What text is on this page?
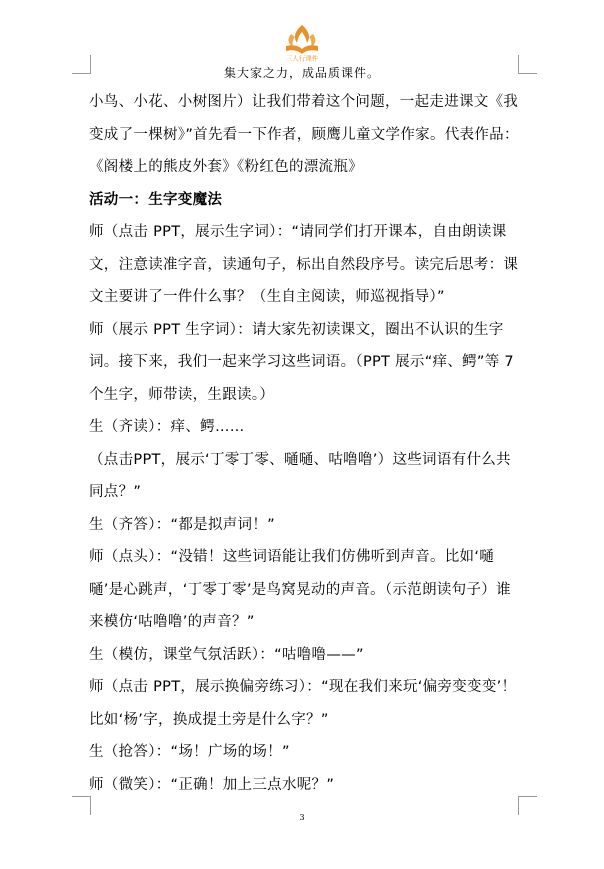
三人行课件
集大家之力，成品质课件。

小鸟、小花、小树图片）让我们带着这个问题，一起走进课文《我变成了一棵树》”首先看一下作者，顾鹰儿童文学作家。代表作品：《阁楼上的熊皮外套》《粉红色的漂流瓶》

活动一：生字变魔法

师（点击 PPT，展示生字词）：“请同学们打开课本，自由朗读课文，注意读准字音，读通句子，标出自然段序号。读完后思考：课文主要讲了一件什么事？（生自主阅读，师巡视指导）”

师（展示 PPT 生字词）：请大家先初读课文，圈出不认识的生字词。接下来，我们一起来学习这些词语。（PPT 展示“痒、鳄”等 7 个生字，师带读，生跟读。）

生（齐读）：痒、鳄……

（点击PPT，展示‘丁零丁零、嗵嗵、咕噜噜’）这些词语有什么共同点？”

生（齐答）：“都是拟声词！”

师（点头）：“没错！这些词语能让我们仿佛听到声音。比如‘嗵嗵’是心跳声，‘丁零丁零’是鸟窝晃动的声音。（示范朗读句子）谁来模仿‘咕噜噜’的声音？”

生（模仿，课堂气氛活跃）：“咕噜噜——”

师（点击 PPT，展示换偏旁练习）：“现在我们来玩‘偏旁变变变’！比如‘杨’字，换成提土旁是什么字？”

生（抢答）：“场！广场的场！”

师（微笑）：“正确！加上三点水呢？”

3
